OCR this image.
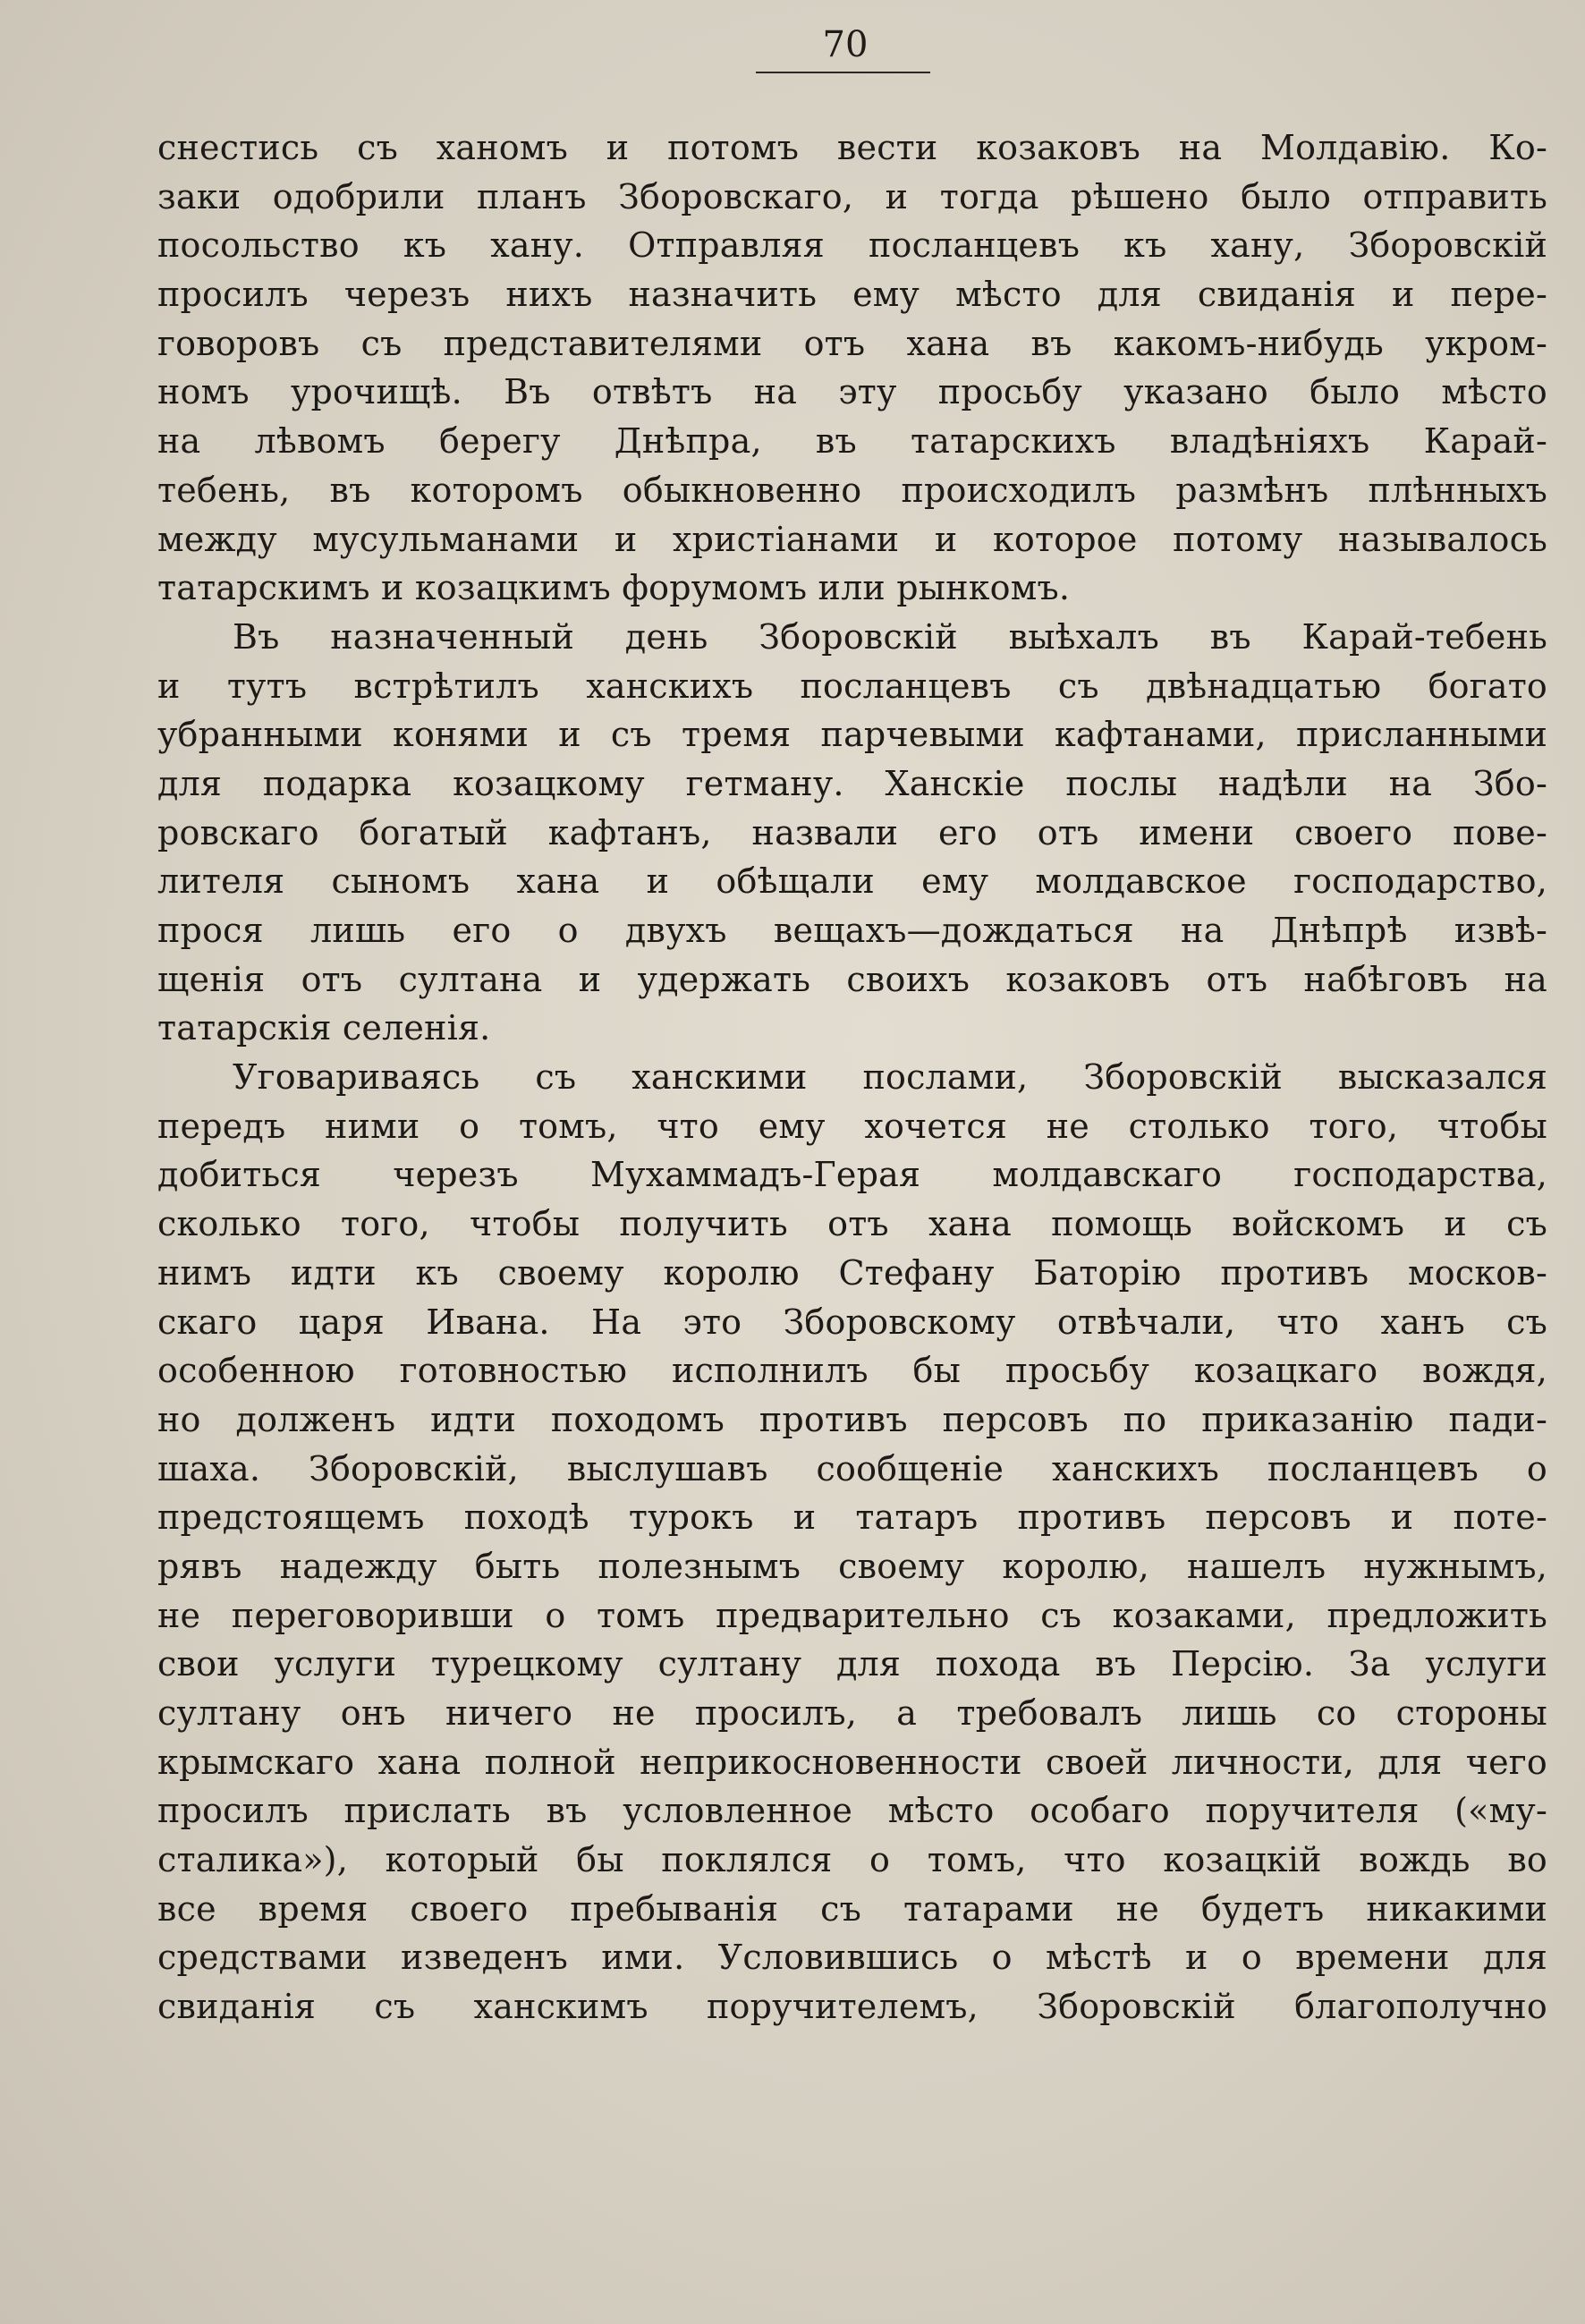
70
снестись съ ханомъ и потомъ вести козаковъ на Молдавію. Ко-
заки одобрили планъ Зборовскаго, и тогда рѣшено было отправить
посольство къ хану. Отправляя посланцевъ къ хану, Зборовскій
просилъ черезъ нихъ назначить ему мѣсто для свиданія и пере-
говоровъ съ представителями отъ хана въ какомъ-нибудь укром-
номъ урочищѣ. Въ отвѣтъ на эту просьбу указано было мѣсто
на лѣвомъ берегу Днѣпра, въ татарскихъ владѣніяхъ Карай-
тебень, въ которомъ обыкновенно происходилъ размѣнъ плѣнныхъ
между мусульманами и христіанами и которое потому называлось
татарскимъ и козацкимъ форумомъ или рынкомъ.
Въ назначенный день Зборовскій выѣхалъ въ Карай-тебень
и тутъ встрѣтилъ ханскихъ посланцевъ съ двѣнадцатью богато
убранными конями и съ тремя парчевыми кафтанами, присланными
для подарка козацкому гетману. Ханскіе послы надѣли на Збо-
ровскаго богатый кафтанъ, назвали его отъ имени своего пове-
лителя сыномъ хана и обѣщали ему молдавское господарство,
прося лишь его о двухъ вещахъ—дождаться на Днѣпрѣ извѣ-
щенія отъ султана и удержать своихъ козаковъ отъ набѣговъ на
татарскія селенія.
Уговариваясь съ ханскими послами, Зборовскій высказался
передъ ними о томъ, что ему хочется не столько того, чтобы
добиться черезъ Мухаммадъ-Герая молдавскаго господарства,
сколько того, чтобы получить отъ хана помощь войскомъ и съ
нимъ идти къ своему королю Стефану Баторію противъ москов-
скаго царя Ивана. На это Зборовскому отвѣчали, что ханъ съ
особенною готовностью исполнилъ бы просьбу козацкаго вождя,
но долженъ идти походомъ противъ персовъ по приказанію пади-
шаха. Зборовскій, выслушавъ сообщеніе ханскихъ посланцевъ о
предстоящемъ походѣ турокъ и татаръ противъ персовъ и поте-
рявъ надежду быть полезнымъ своему королю, нашелъ нужнымъ,
не переговоривши о томъ предварительно съ козаками, предложить
свои услуги турецкому султану для похода въ Персію. За услуги
султану онъ ничего не просилъ, а требовалъ лишь со стороны
крымскаго хана полной неприкосновенности своей личности, для чего
просилъ прислать въ условленное мѣсто особаго поручителя («му-
сталика»), который бы поклялся о томъ, что козацкій вождь во
все время своего пребыванія съ татарами не будетъ никакими
средствами изведенъ ими. Условившись о мѣстѣ и о времени для
свиданія съ ханскимъ поручителемъ, Зборовскій благополучно
